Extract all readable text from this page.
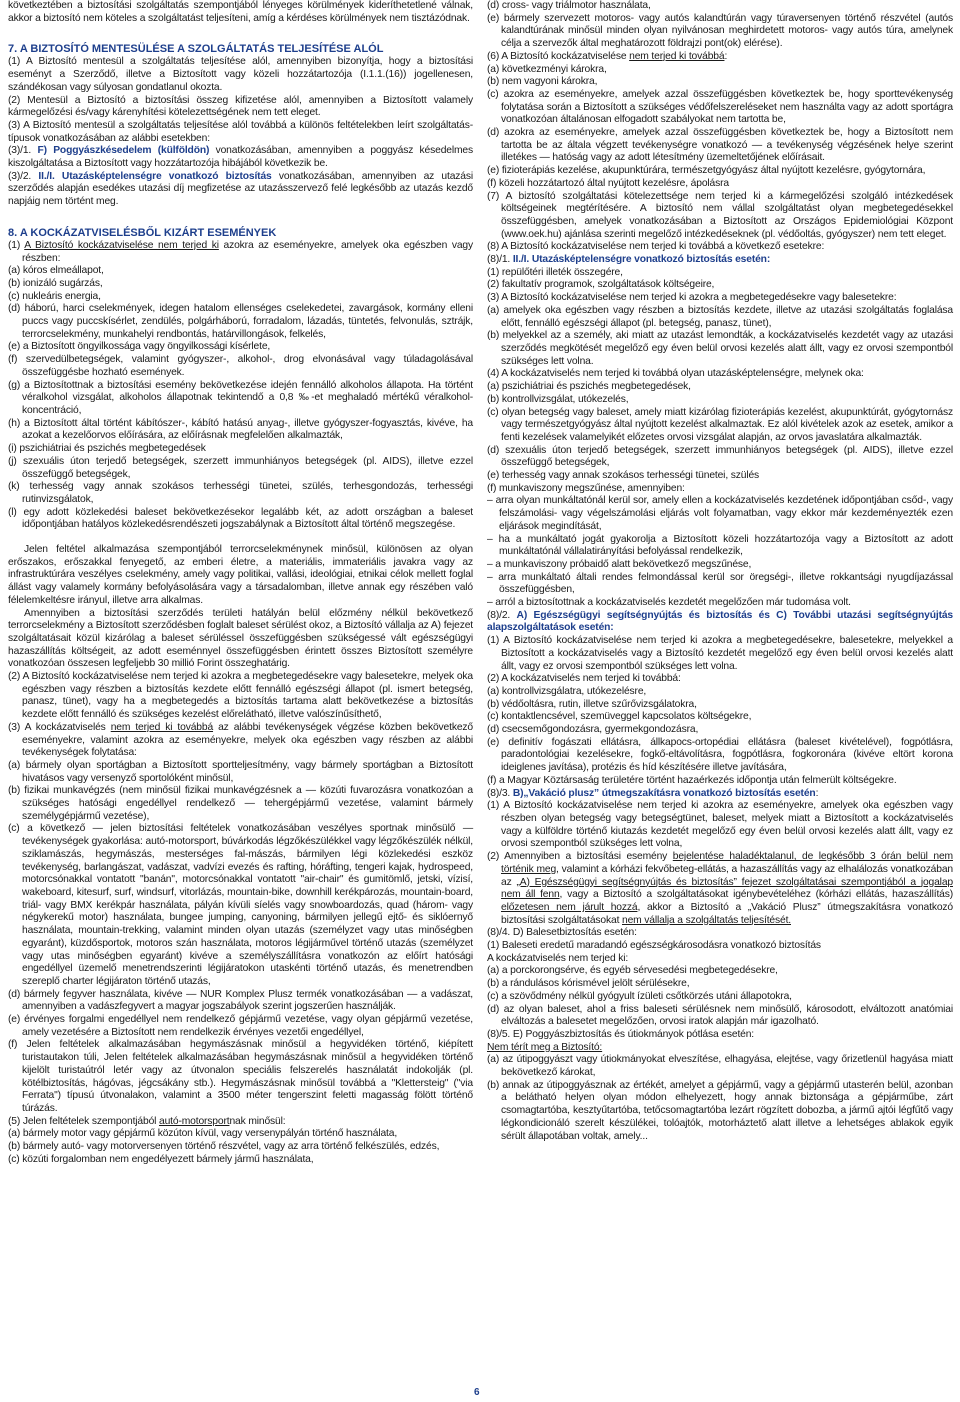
következtében a biztosítási szolgáltatás szempontjából lényeges körülmények kideríthetetlené válnak, akkor a biztosító nem köteles a szolgáltatást teljesíteni, amíg a kérdéses körülmények nem tisztázódnak.

7. A BIZTOSÍTÓ MENTESÜLÉSE A SZOLGÁLTATÁS TELJESÍTÉSE ALÓL

(1) A Biztosító mentesül a szolgáltatás teljesítése alól, amennyiben bizonyítja, hogy a biztosítási eseményt a Szerződő, illetve a Biztosított vagy közeli hozzátartozója (I.1.1.(16)) jogellenesen, szándékosan vagy súlyosan gondatlanul okozta.

(2) Mentesül a Biztosító a biztosítási összeg kifizetése alól, amennyiben a Biztosított valamely kármegelőzési és/vagy kárenyhítési kötelezettségének nem tett eleget.

(3) A Biztosító mentesül a szolgáltatás teljesítése alól továbbá a különös feltételekben leírt szolgáltatás-típusok vonatkozásában az alábbi esetekben:

(3)/1. F) Poggyászkésedelem (külföldön) vonatkozásában, amennyiben a poggyász késedelmes kiszolgáltatása a Biztosított vagy hozzátartozója hibájából következik be.

(3)/2. II./I. Utazásképtelenségre vonatkozó biztosítás vonatkozásában, amennyiben az utazási szerződés alapján esedékes utazási díj megfizetése az utazásszervező felé legkésőbb az utazás kezdő napjáig nem történt meg.

8. A KOCKÁZATVISELÉSBŐL KIZÁRT ESEMÉNYEK

(1) A Biztosító kockázatviselése nem terjed ki azokra az eseményekre, amelyek oka egészben vagy részben:

(a) kóros elmeállapot,

(b) ionizáló sugárzás,

(c) nukleáris energia,

(d) háború, harci cselekmények, idegen hatalom ellenséges cselekedetei, zavargások, kormány elleni puccs vagy puccskísérlet, zendülés, polgárháború, forradalom, lázadás, tüntetés, felvonulás, sztrájk, terrorcselekmény, munkahelyi rendbontás, határvillongások, felkelés,

(e) a Biztosított öngyilkossága vagy öngyilkossági kísérlete,

(f) szervedülbetegségek, valamint gyógyszer-, alkohol-, drog elvonásával vagy túladagolásával összefüggésbe hozható események.

(g) a Biztosítottnak a biztosítási esemény bekövetkezése idején fennálló alkoholos állapota. Ha történt véralkohol vizsgálat, alkoholos állapotnak tekintendő a 0,8 ‰-et meghaladó mértékű véralkohol-koncentráció,

(h) a Biztosított által történt kábítószer-, kábító hatású anyag-, illetve gyógyszer-fogyasztás, kivéve, ha azokat a kezelőorvos előírására, az előírásnak megfelelően alkalmazták,

(i) pszichiátriai és pszichés megbetegedések

(j) szexuális úton terjedő betegségek, szerzett immunhiányos betegségek (pl. AIDS), illetve ezzel összefüggő betegségek,

(k) terhesség vagy annak szokásos terhességi tünetei, szülés, terhesgondozás, terhességi rutinvizsgálatok,

(l) egy adott közlekedési baleset bekövetkezésekor legalább két, az adott országban a baleset időpontjában hatályos közlekedésrendészeti jogszabálynak a Biztosított által történő megszegése.

Jelen feltétel alkalmazása szempontjából terrorcselekménynek minősül, különösen az olyan erőszakos, erőszakkal fenyegető, az emberi életre, a materiális, immateriális javakra vagy az infrastruktúrára veszélyes cselekmény, amely vagy politikai, vallási, ideológiai, etnikai célok mellett foglal állást vagy valamely kormány befolyásolására vagy a társadalomban, illetve annak egy részében való félelemkeltésre irányul, illetve arra alkalmas.

Amennyiben a biztosítási szerződés területi hatályán belül előzmény nélkül bekövetkező terrorcselekmény a Biztosított szerződésben foglalt baleset sérülést okoz, a Biztosító vállalja az A) fejezet szolgáltatásait közül kizárólag a baleset sérüléssel összefüggésben szükségessé vált egészségügyi hazaszállítás költségeit, az adott eseménnyel összefüggésben érintett összes Biztosított személyre vonatkozóan összesen legfeljebb 30 millió Forint összeghatárig.

(2) A Biztosító kockázatviselése nem terjed ki azokra a megbetegedésekre vagy balesetekre, melyek oka egészben vagy részben a biztosítás kezdete előtt fennálló egészségi állapot (pl. ismert betegség, panasz, tünet), vagy ha a megbetegedés a biztosítás tartama alatt bekövetkezése a biztosítás kezdete előtt fennálló és szükséges kezelést előrelátható, illetve valószínűsíthető,

(3) A kockázatviselés nem terjed ki továbbá az alábbi tevékenységek végzése közben bekövetkező eseményekre, valamint azokra az eseményekre, melyek oka egészben vagy részben az alábbi tevékenységek folytatása:

(a) bármely olyan sportágban a Biztosított sportteljesítmény, vagy bármely sportágban a Biztosított hivatásos vagy versenyző sportolóként minősül,

(b) fizikai munkavégzés (nem minősül fizikai munkavégzésnek a — közúti fuvarozásra vonatkozóan a szükséges hatósági engedéllyel rendelkező — tehergépjármű vezetése, valamint bármely személygépjármű vezetése),

(c) a következő — jelen biztosítási feltételek vonatkozásában veszélyes sportnak minősülő — tevékenységek gyakorlása: autó-motorsport, búvárkodás légzőkészülékkel vagy légzőkészülék nélkül, sziklamászás, hegymászás, mesterséges fal-mászás, bármilyen légi közlekedési eszköz tevékenység, barlangászat, vadászat, vadvízi evezés és rafting, hóráfting, tengeri kajak, hydrospeed, motorcsónakkal vontatott "banán", motorcsónakkal vontatott "air-chair" és gumitömlő, jetski, vízisí, wakeboard, kitesurf, surf, windsurf, vitorlázás, mountain-bike, downhill kerékpározás, mountain-board, triál- vagy BMX kerékpár használata, pályán kívüli síelés vagy snowboardozás, quad (három- vagy négykerekű motor) használata, bungee jumping, canyoning, bármilyen jellegű ejtő- és siklóernyő használata, mountain-trekking, valamint minden olyan utazás (személyzet vagy utas minőségben egyaránt), küzdősportok, motoros szán használata, motoros légijárművel történő utazás (személyzet vagy utas minőségben egyaránt) kivéve a személyszállításra vonatkozón az előírt hatósági engedéllyel üzemelő menetrendszerinti légijáratokon utaskénti történő utazás, és menetrendben szereplő charter légijáraton történő utazás,

(d) bármely fegyver használata, kivéve — NUR Komplex Plusz termék vonatkozásában — a vadászat, amennyiben a vadászfegyvert a magyar jogszabályok szerint jogszerűen használják.

(e) érvényes forgalmi engedéllyel nem rendelkező gépjármű vezetése, vagy olyan gépjármű vezetése, amely vezetésére a Biztosított nem rendelkezik érvényes vezetői engedéllyel,

(f) Jelen feltételek alkalmazásában hegymászásnak minősül a hegyvidéken történő, kiépített turistautakon túli, Jelen feltételek alkalmazásában hegymászásnak minősül a hegyvidéken történő kijelölt turistaútról letér vagy az útvonalon speciális felszerelés használatát indokolják (pl. kötélbiztosítás, hágóvas, jégcsákány stb.). Hegymászásnak minősül továbbá a "Klettersteig" ("via Ferrata") típusú útvonalakon, valamint a 3500 méter tengerszint feletti magasság fölött történő túrázás.

(5) Jelen feltételek szempontjából autó-motorsportnak minősül:

(a) bármely motor vagy gépjármű közúton kívül, vagy versenypályán történő használata,

(b) bármely autó- vagy motorversenyen történő részvétel, vagy az arra történő felkészülés, edzés,

(c) közúti forgalomban nem engedélyezett bármely jármű használata,

(d) cross- vagy triálmotor használata,

(e) bármely szervezett motoros- vagy autós kalandtúrán vagy túraversenyen történő részvétel (autós kalandtúrának minősül minden olyan nyilvánosan meghirdetett motoros- vagy autós túra, amelynek célja a szervezők által meghatározott földrajzi pont(ok) elérése).

(6) A Biztosító kockázatviselése nem terjed ki továbbá:

(a) következményi károkra,

(b) nem vagyoni károkra,

(c) azokra az eseményekre, amelyek azzal összefüggésben következtek be, hogy sporttevékenység folytatása során a Biztosított a szükséges védőfelszereléseket nem használta vagy az adott sportágra vonatkozóan általánosan elfogadott szabályokat nem tartotta be,

(d) azokra az eseményekre, amelyek azzal összefüggésben következtek be, hogy a Biztosított nem tartotta be az általa végzett tevékenységre vonatkozó — a tevékenység végzésének helye szerint illetékes — hatóság vagy az adott létesítmény üzemeltetőjének előírásait.

(e) fizioterápiás kezelése, akupunktúrára, természetgyógyász által nyújtott kezelésre, gyógytornára,

(f) közeli hozzátartozó által nyújtott kezelésre, ápolásra

(7) A biztosító szolgáltatási kötelezettsége nem terjed ki a kármegelőzési szolgáló intézkedések költségeinek megtérítésére. A biztosító nem vállal szolgáltatást olyan megbetegedésekkel összefüggésben, amelyek vonatkozásában a Biztosított az Országos Epidemiológiai Központ (www.oek.hu) ajánlása szerinti megelőző intézkedéseknek (pl. védőoltás, gyógyszer) nem tett eleget.

(8) A Biztosító kockázatviselése nem terjed ki továbbá a következő esetekre:

(8)/1. II./I. Utazásképtelenségre vonatkozó biztosítás esetén:

(1) repülőtéri illeték összegére,

(2) fakultatív programok, szolgáltatások költségeire,

(3) A Biztosító kockázatviselése nem terjed ki azokra a megbetegedésekre vagy balesetekre:

(a) amelyek oka egészben vagy részben a biztosítás kezdete, illetve az utazási szolgáltatás foglalása előtt, fennálló egészségi állapot (pl. betegség, panasz, tünet),

(b) melyekkel az a személy, aki miatt az utazást lemondták, a kockázatviselés kezdetét vagy az utazási szerződés megkötését megelőző egy éven belül orvosi kezelés alatt állt, vagy ez orvosi szempontból szükséges lett volna.

(4) A kockázatviselés nem terjed ki továbbá olyan utazásképtelenségre, melynek oka:

(a) pszichiátriai és pszichés megbetegedések,

(b) kontrollvizsgálat, utókezelés,

(c) olyan betegség vagy baleset, amely miatt kizárólag fizioterápiás kezelést, akupunktúrát, gyógytornász vagy természetgyógyász által nyújtott kezelést alkalmaztak. Ez alól kivételek azok az esetek, amikor a fenti kezelések valamelyikét előzetes orvosi vizsgálat alapján, az orvos javaslatára alkalmazták.

(d) szexuális úton terjedő betegségek, szerzett immunhiányos betegségek (pl. AIDS), illetve ezzel összefüggő betegségek,

(e) terhesség vagy annak szokásos terhességi tünetei, szülés

(f) munkaviszony megszűnése, amennyiben:

– arra olyan munkáltatónál kerül sor, amely ellen a kockázatviselés kezdetének időpontjában csőd-, vagy felszámolási- vagy végelszámolási eljárás volt folyamatban, vagy ekkor már kezdeményezték ezen eljárások megindítását,

– ha a munkáltató jogát gyakorolja a Biztosított közeli hozzátartozója vagy a Biztosított az adott munkáltatónál vállalatirányítási befolyással rendelkezik,

– a munkaviszony próbaidő alatt bekövetkező megszűnése,

– arra munkáltató általi rendes felmondással kerül sor öregségi-, illetve rokkantsági nyugdíjazással összefüggésben,

– arról a biztosítottnak a kockázatviselés kezdetét megelőzően már tudomása volt.

(8)/2. A) Egészségügyi segítségnyújtás és biztosítás és C) További utazási segítségnyújtás alapszolgáltatások esetén:

(1) A Biztosító kockázatviselése nem terjed ki azokra a megbetegedésekre, balesetekre, melyekkel a Biztosított a kockázatviselés vagy a Biztosító kezdetét megelőző egy éven belül orvosi kezelés alatt állt, vagy ez orvosi szempontból szükséges lett volna.

(2) A kockázatviselés nem terjed ki továbbá:

(a) kontrollvizsgálatra, utókezelésre,

(b) védőoltásra, rutin, illetve szűrővizsgálatokra,

(c) kontaktlencsével, szemüveggel kapcsolatos költségekre,

(d) csecsemőgondozásra, gyermekgondozásra,

(e) definitív fogászati ellátásra, állkapocs-ortopédiai ellátásra (baleset kivételével), fogpótlásra, paradontológiai kezelésekre, fogkő-eltávolításra, fogpótlásra, fogkoronára (kivéve eltört korona ideiglenes javítása), protézis és híd készítésére illetve javítására,

(f) a Magyar Köztársaság területére történt hazaérkezés időpontja után felmerült költségekre.

(8)/3. B)„Vakáció plusz” útmegszakításra vonatkozó biztosítás esetén:

(1) A Biztosító kockázatviselése nem terjed ki azokra az eseményekre, amelyek oka egészben vagy részben olyan betegség vagy betegségtünet, baleset, melyek miatt a Biztosított a kockázatviselés vagy a külföldre történő kiutazás kezdetét megelőző egy éven belül orvosi kezelés alatt állt, vagy ez orvosi szempontból szükséges lett volna,

(2) Amennyiben a biztosítási esemény bejelentése haladéktalanul, de legkésőbb 3 órán belül nem történik meg, valamint a kórházi fekvőbeteg-ellátás, a hazaszállítás vagy az elhalálozás vonatkozában az „A) Egészségügyi segítségnyújtás és biztosítás” fejezet szolgáltatásai szempontjából a jogalap nem áll fenn, vagy a Biztosító a szolgáltatásokat igénybevételéhez (kórházi ellátás, hazaszállítás) előzetesen nem járult hozzá, akkor a Biztosító a „Vakáció Plusz” útmegszakításra vonatkozó biztosítási szolgáltatásokat nem vállalja a szolgáltatás teljesítését.

(8)/4. D) Balesetbiztosítás esetén:

(1) Baleseti eredetű maradandó egészségkárosodásra vonatkozó biztosítás

A kockázatviselés nem terjed ki:

(a) a porckorongsérve, és egyéb sérvesedési megbetegedésekre,

(b) a rándulásos kórismével jelölt sérülésekre,

(c) a szövődmény nélkül gyógyult ízületi csőtkörzés utáni állapotokra,

(d) az olyan baleset, ahol a friss baleseti sérülésnek nem minősülő, károsodott, elváltozott anatómiai elváltozás a balesetet megelőzően, orvosi iratok alapján már igazolható.

(8)/5. E) Poggyászbiztosítás és útiokmányok pótlása esetén:

Nem térít meg a Biztosító:

(a) az útipoggyászt vagy útiokmányokat elveszítése, elhagyása, elejtése, vagy őrizetlenül hagyása miatt bekövetkező károkat,

(b) annak az útipoggyásznak az értékét, amelyet a gépjármű, vagy a gépjármű utasterén belül, azonban a belátható helyen olyan módon elhelyezett, hogy annak biztonsága a gépjárműbe, zárt csomagtartóba, kesztyűtartóba, tetőcsomagtartóba lezárt rögzített dobozba, a jármű ajtói légfűtő vagy légkondicionáló szerelt készülékei, tolóajtók, motorháztető alatt illetve a lehetséges ablakok egyik sérült állapotában voltak, amely...

6
